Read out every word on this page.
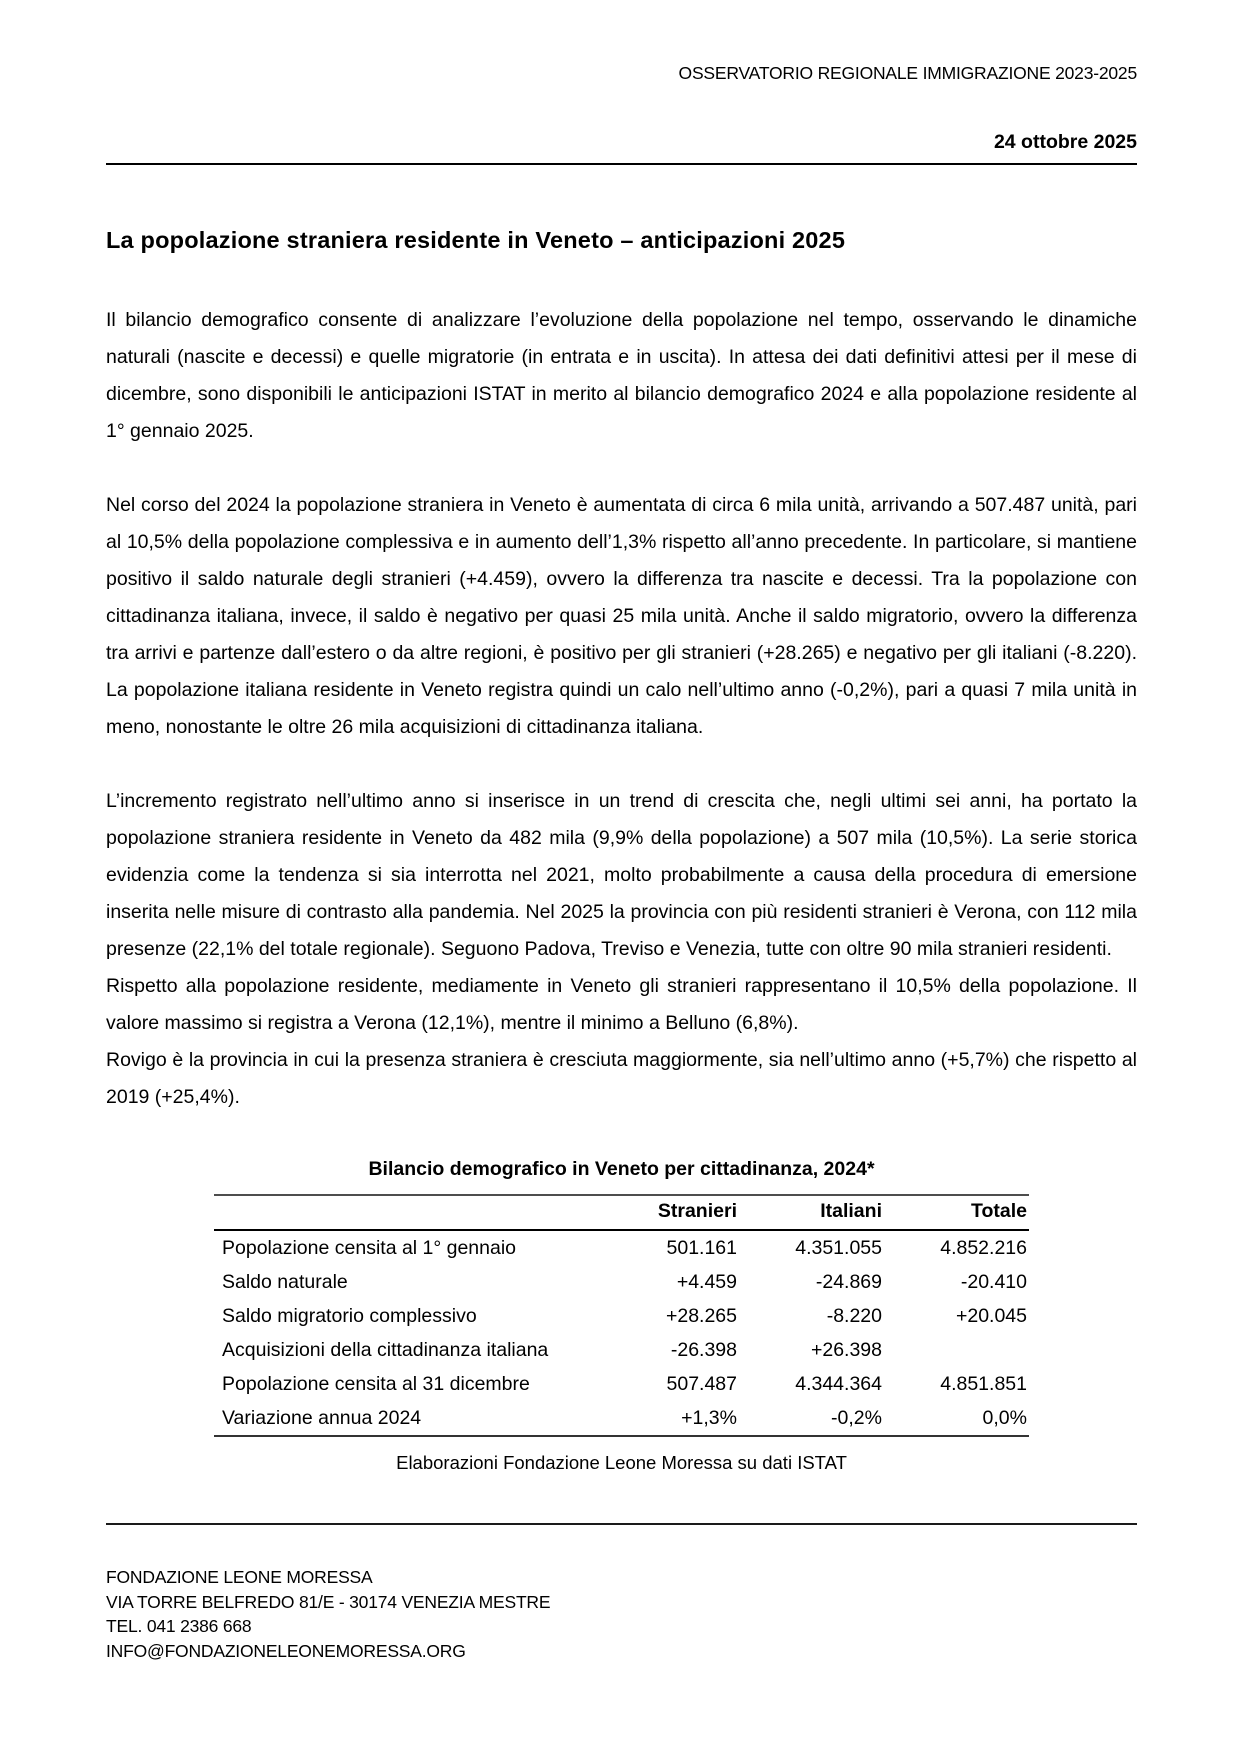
OSSERVATORIO REGIONALE IMMIGRAZIONE 2023-2025
24 ottobre 2025
La popolazione straniera residente in Veneto – anticipazioni 2025

Il bilancio demografico consente di analizzare l’evoluzione della popolazione nel tempo, osservando le dinamiche naturali (nascite e decessi) e quelle migratorie (in entrata e in uscita). In attesa dei dati definitivi attesi per il mese di dicembre, sono disponibili le anticipazioni ISTAT in merito al bilancio demografico 2024 e alla popolazione residente al 1° gennaio 2025.

Nel corso del 2024 la popolazione straniera in Veneto è aumentata di circa 6 mila unità, arrivando a 507.487 unità, pari al 10,5% della popolazione complessiva e in aumento dell’1,3% rispetto all’anno precedente. In particolare, si mantiene positivo il saldo naturale degli stranieri (+4.459), ovvero la differenza tra nascite e decessi. Tra la popolazione con cittadinanza italiana, invece, il saldo è negativo per quasi 25 mila unità. Anche il saldo migratorio, ovvero la differenza tra arrivi e partenze dall’estero o da altre regioni, è positivo per gli stranieri (+28.265) e negativo per gli italiani (-8.220). La popolazione italiana residente in Veneto registra quindi un calo nell’ultimo anno (-0,2%), pari a quasi 7 mila unità in meno, nonostante le oltre 26 mila acquisizioni di cittadinanza italiana.

L’incremento registrato nell’ultimo anno si inserisce in un trend di crescita che, negli ultimi sei anni, ha portato la popolazione straniera residente in Veneto da 482 mila (9,9% della popolazione) a 507 mila (10,5%). La serie storica evidenzia come la tendenza si sia interrotta nel 2021, molto probabilmente a causa della procedura di emersione inserita nelle misure di contrasto alla pandemia. Nel 2025 la provincia con più residenti stranieri è Verona, con 112 mila presenze (22,1% del totale regionale). Seguono Padova, Treviso e Venezia, tutte con oltre 90 mila stranieri residenti.

Rispetto alla popolazione residente, mediamente in Veneto gli stranieri rappresentano il 10,5% della popolazione. Il valore massimo si registra a Verona (12,1%), mentre il minimo a Belluno (6,8%).

Rovigo è la provincia in cui la presenza straniera è cresciuta maggiormente, sia nell’ultimo anno (+5,7%) che rispetto al 2019 (+25,4%).

Bilancio demografico in Veneto per cittadinanza, 2024*
	Stranieri	Italiani	Totale
Popolazione censita al 1° gennaio	501.161	4.351.055	4.852.216
Saldo naturale	+4.459	-24.869	-20.410
Saldo migratorio complessivo	+28.265	-8.220	+20.045
Acquisizioni della cittadinanza italiana	-26.398	+26.398	
Popolazione censita al 31 dicembre	507.487	4.344.364	4.851.851
Variazione annua 2024	+1,3%	-0,2%	0,0%
Elaborazioni Fondazione Leone Moressa su dati ISTAT
FONDAZIONE LEONE MORESSA
VIA TORRE BELFREDO 81/E - 30174 VENEZIA MESTRE
TEL. 041 2386 668
INFO@FONDAZIONELEONEMORESSA.ORG
